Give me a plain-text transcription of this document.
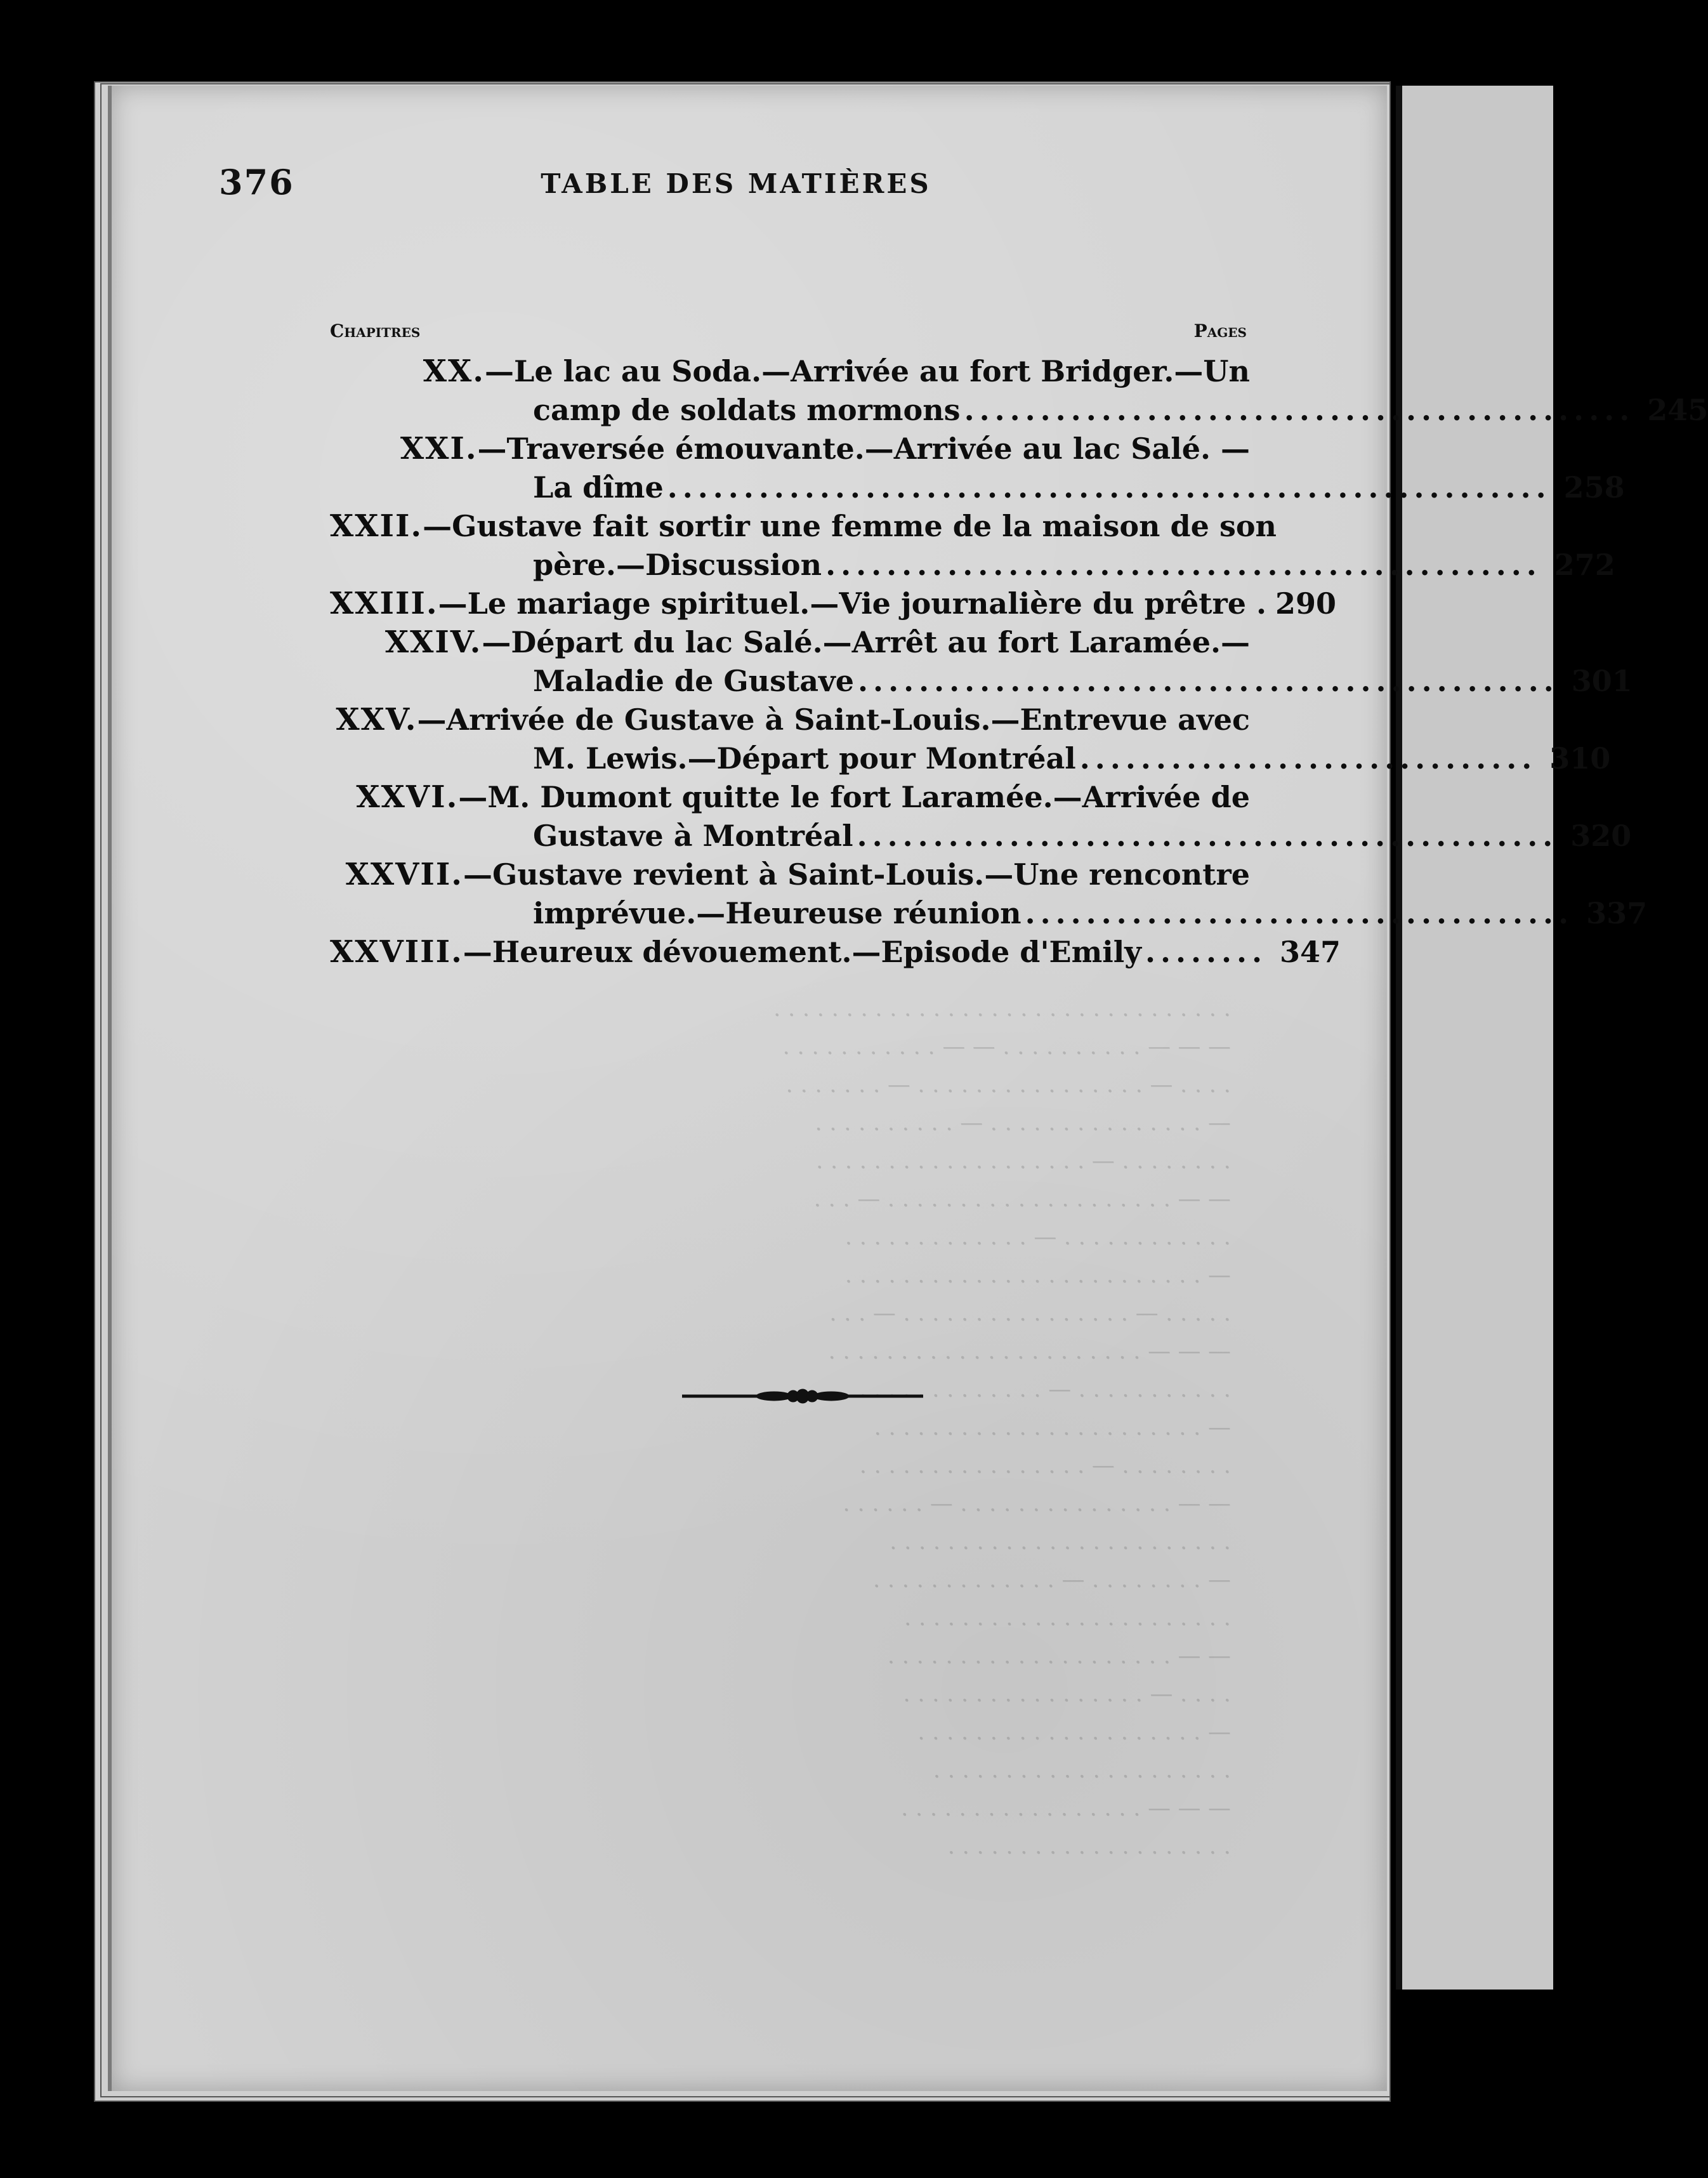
376	TABLE DES MATIÈRES
Chapitres	Pages
XX. —Le lac au Soda.—Arrivée au fort Bridger.—Un
camp de soldats mormons ............................................ 245
XXI. —Traversée émouvante.—Arrivée au lac Salé. —
La dîme .......................................................... 258
XXII. —Gustave fait sortir une femme de la maison de son
père.—Discussion ............................................... 272
XXIII. —Le mariage spirituel.—Vie journalière du prêtre . 290
XXIV. —Départ du lac Salé.—Arrêt au fort Laramée.—
Maladie de Gustave .............................................. 301
XXV. —Arrivée de Gustave à Saint-Louis.—Entrevue avec
M. Lewis.—Départ pour Montréal .............................. 310
XXVI. —M. Dumont quitte le fort Laramée.—Arrivée de
Gustave à Montréal .............................................. 320
XXVII. —Gustave revient à Saint-Louis.—Une rencontre
imprévue.—Heureuse réunion .................................... 337
XXVIII. —Heureux dévouement.—Episode d'Emily ........ 347
. . . . . . . . . . . . . . . . . . . . . . . . . . . . . . . .
— — — . . . . . . . . . . — — . . . . . . . . . . .
. . . . — . . . . . . . . . . . . . . . . — . . . . . . .
— . . . . . . . . . . . . . . . — . . . . . . . . . .
. . . . . . . . — . . . . . . . . . . . . . . . . . . .
— — . . . . . . . . . . . . . . . . . . . . — . . .
. . . . . . . . . . . . — . . . . . . . . . . . . .
— . . . . . . . . . . . . . . . . . . . . . . . . .
. . . . . — . . . . . . . . . . . . . . . . — . . .
— — — . . . . . . . . . . . . . . . . . . . . . .
. . . . . . . . . . . — . . . . . . . . . . . . .
— . . . . . . . . . . . . . . . . . . . . . . .
. . . . . . . . — . . . . . . . . . . . . . . . .
— — . . . . . . . . . . . . . . . — . . . . . .
. . . . . . . . . . . . . . . . . . . . . . . .
— . . . . . . . . — . . . . . . . . . . . . .
. . . . . . . . . . . . . . . . . . . . . . .
— — . . . . . . . . . . . . . . . . . . . .
. . . . — . . . . . . . . . . . . . . . . .
— . . . . . . . . . . . . . . . . . . . .
. . . . . . . . . . . . . . . . . . . . .
— — — . . . . . . . . . . . . . . . . .
. . . . . . . . . . . . . . . . . . . .
